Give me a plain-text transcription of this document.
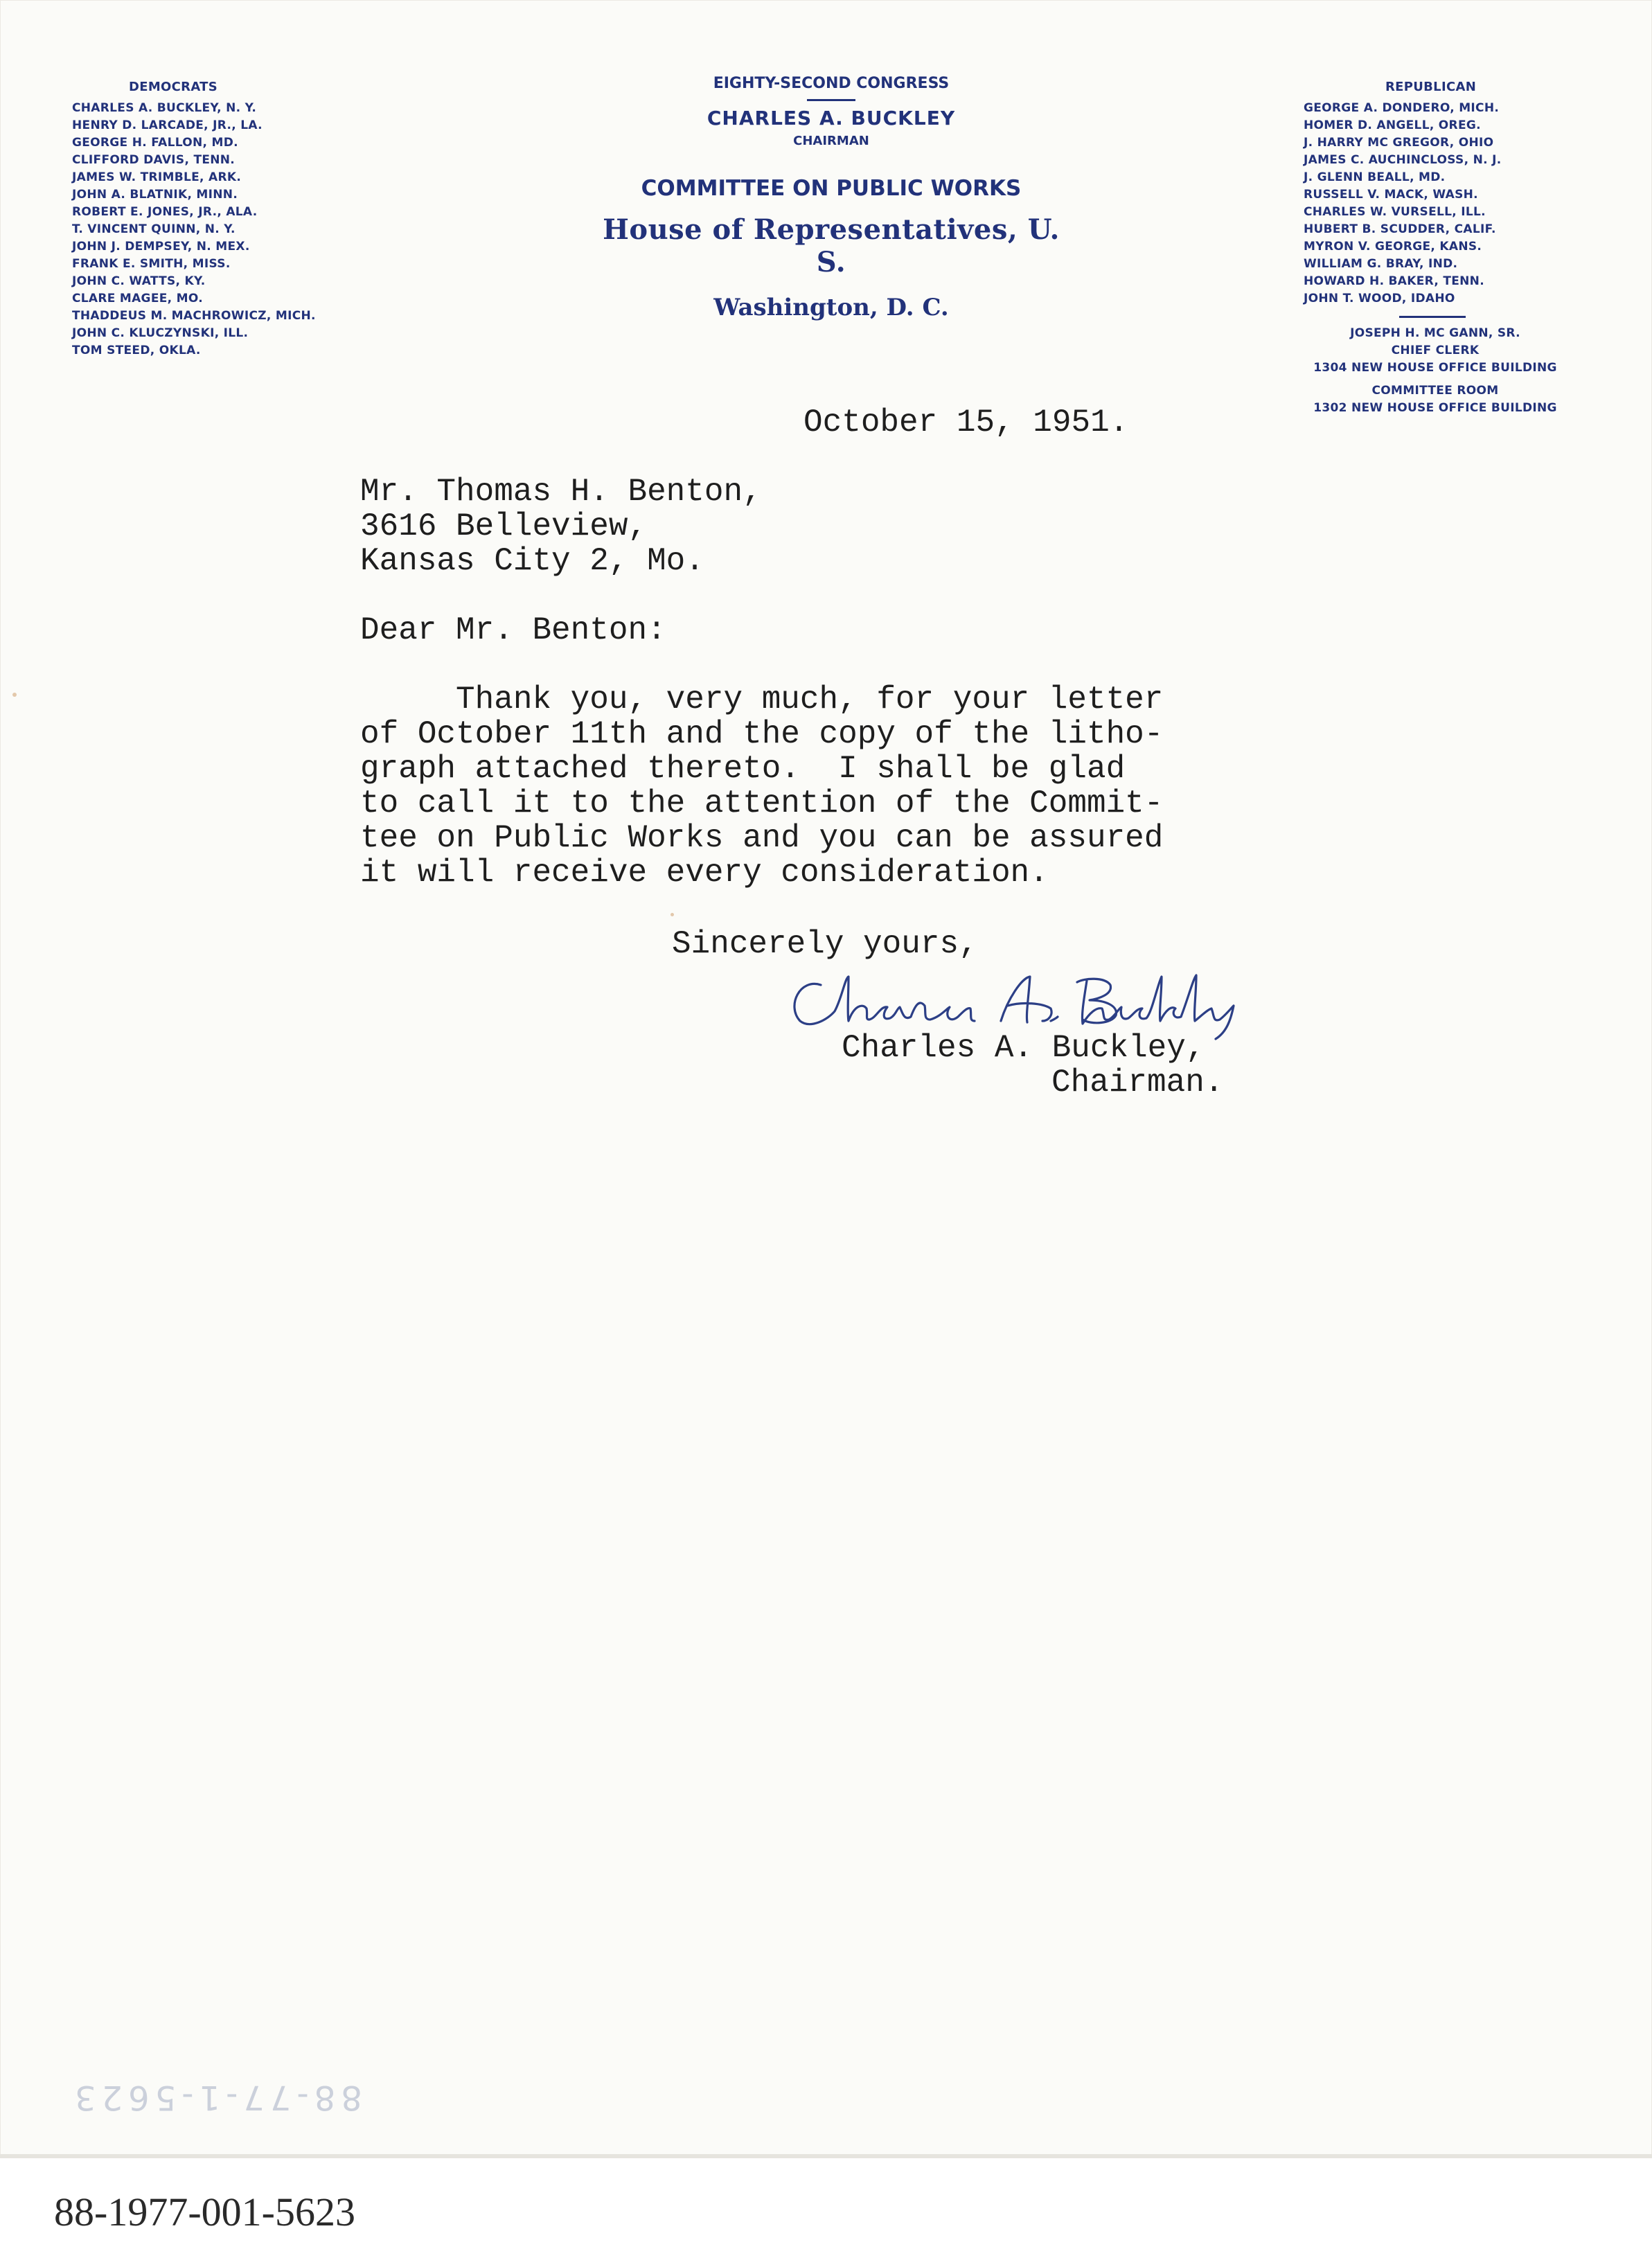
DEMOCRATS
CHARLES A. BUCKLEY, N. Y.
HENRY D. LARCADE, JR., LA.
GEORGE H. FALLON, MD.
CLIFFORD DAVIS, TENN.
JAMES W. TRIMBLE, ARK.
JOHN A. BLATNIK, MINN.
ROBERT E. JONES, JR., ALA.
T. VINCENT QUINN, N. Y.
JOHN J. DEMPSEY, N. MEX.
FRANK E. SMITH, MISS.
JOHN C. WATTS, KY.
CLARE MAGEE, MO.
THADDEUS M. MACHROWICZ, MICH.
JOHN C. KLUCZYNSKI, ILL.
TOM STEED, OKLA.
EIGHTY-SECOND CONGRESS
CHARLES A. BUCKLEY
CHAIRMAN
COMMITTEE ON PUBLIC WORKS
House of Representatives, U. S.
Washington, D. C.
REPUBLICAN
GEORGE A. DONDERO, MICH.
HOMER D. ANGELL, OREG.
J. HARRY MC GREGOR, OHIO
JAMES C. AUCHINCLOSS, N. J.
J. GLENN BEALL, MD.
RUSSELL V. MACK, WASH.
CHARLES W. VURSELL, ILL.
HUBERT B. SCUDDER, CALIF.
MYRON V. GEORGE, KANS.
WILLIAM G. BRAY, IND.
HOWARD H. BAKER, TENN.
JOHN T. WOOD, IDAHO
JOSEPH H. MC GANN, SR.
CHIEF CLERK
1304 NEW HOUSE OFFICE BUILDING
COMMITTEE ROOM
1302 NEW HOUSE OFFICE BUILDING
October 15, 1951.
Mr. Thomas H. Benton,
3616 Belleview,
Kansas City 2, Mo.
Dear Mr. Benton:
Thank you, very much, for your letter
of October 11th and the copy of the litho-
graph attached thereto.  I shall be glad
to call it to the attention of the Commit-
tee on Public Works and you can be assured
it will receive every consideration.
Sincerely yours,
Charles A. Buckley,
Chairman.
88-77-1-5623
88-1977-001-5623
